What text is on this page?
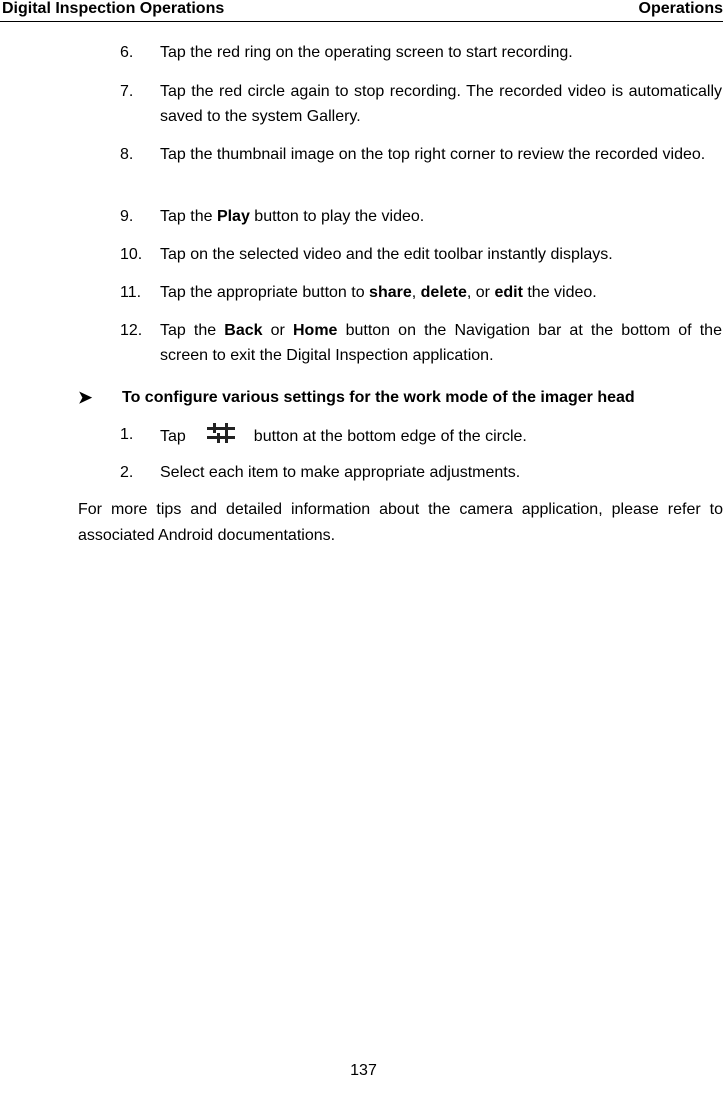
Digital Inspection Operations	Operations
6. Tap the red ring on the operating screen to start recording.
7. Tap the red circle again to stop recording. The recorded video is automatically saved to the system Gallery.
8. Tap the thumbnail image on the top right corner to review the recorded video.
9. Tap the Play button to play the video.
10. Tap on the selected video and the edit toolbar instantly displays.
11. Tap the appropriate button to share, delete, or edit the video.
12. Tap the Back or Home button on the Navigation bar at the bottom of the screen to exit the Digital Inspection application.
➤ To configure various settings for the work mode of the imager head
1. Tap	button at the bottom edge of the circle.
2. Select each item to make appropriate adjustments.
For more tips and detailed information about the camera application, please refer to associated Android documentations.
137
